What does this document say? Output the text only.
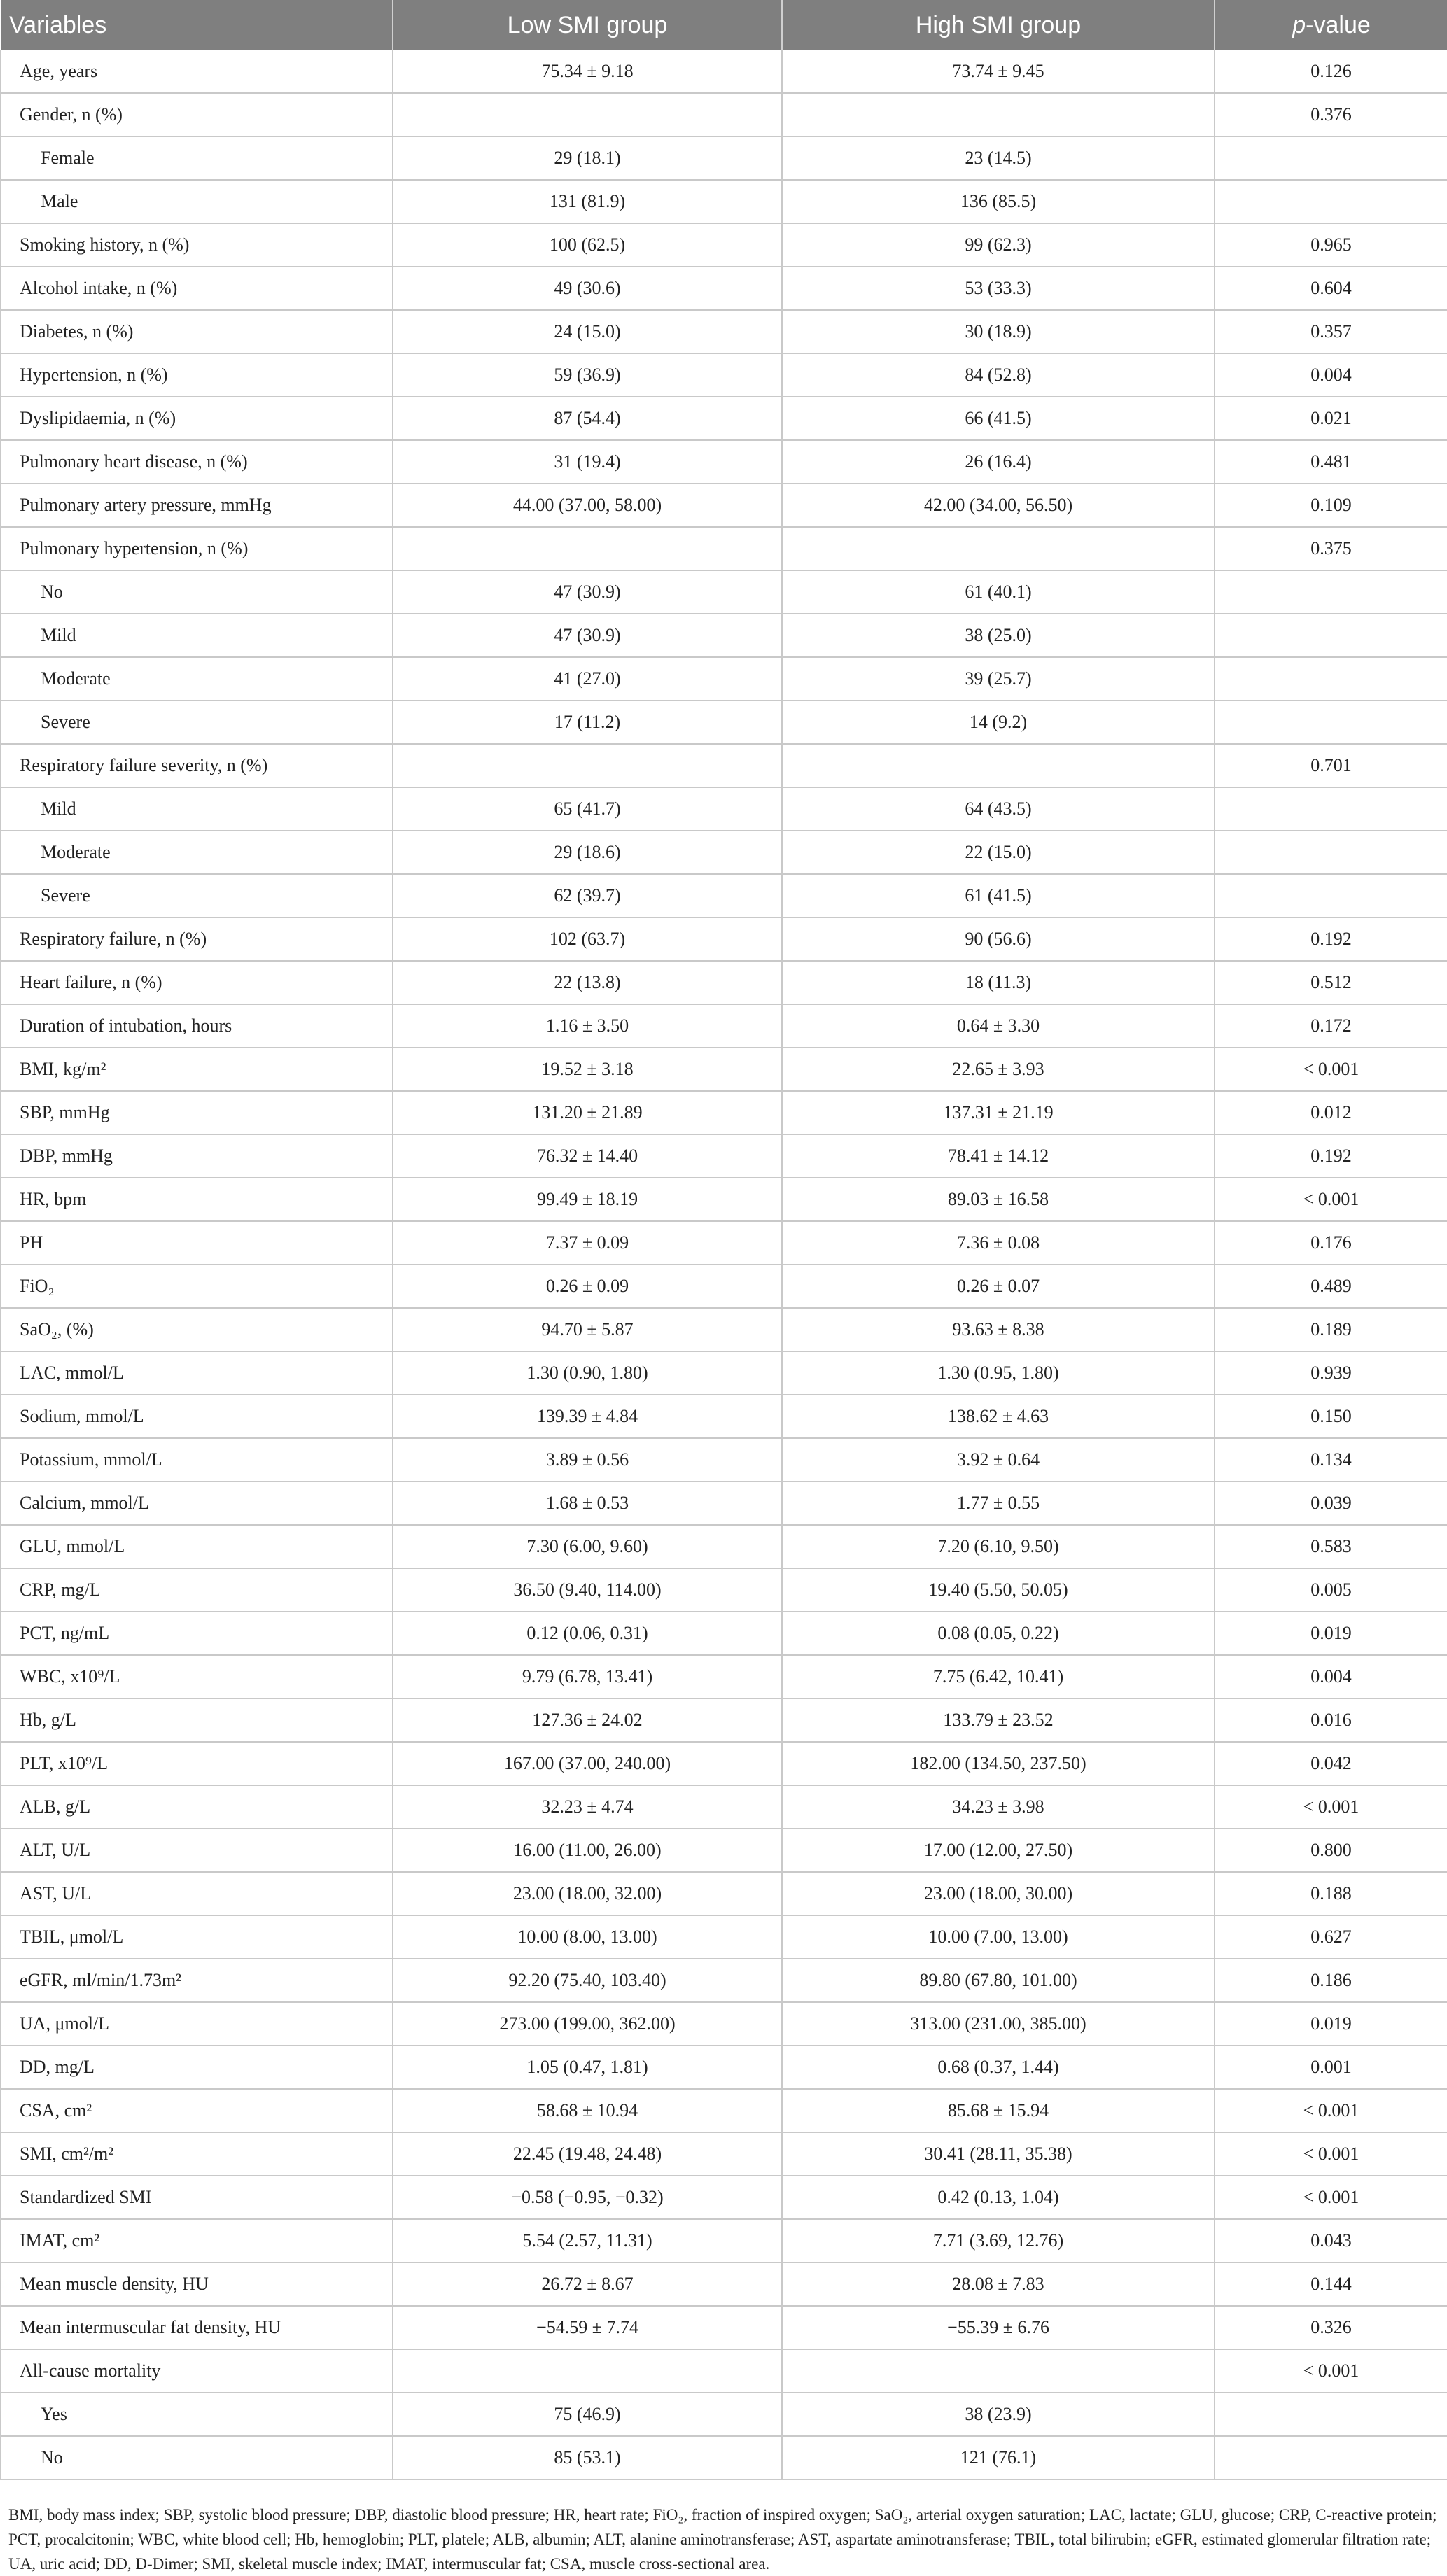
Variables	Low SMI group	High SMI group	p-value
Age, years	75.34 ± 9.18	73.74 ± 9.45	0.126
Gender, n (%)			0.376
Female	29 (18.1)	23 (14.5)	
Male	131 (81.9)	136 (85.5)	
Smoking history, n (%)	100 (62.5)	99 (62.3)	0.965
Alcohol intake, n (%)	49 (30.6)	53 (33.3)	0.604
Diabetes, n (%)	24 (15.0)	30 (18.9)	0.357
Hypertension, n (%)	59 (36.9)	84 (52.8)	0.004
Dyslipidaemia, n (%)	87 (54.4)	66 (41.5)	0.021
Pulmonary heart disease, n (%)	31 (19.4)	26 (16.4)	0.481
Pulmonary artery pressure, mmHg	44.00 (37.00, 58.00)	42.00 (34.00, 56.50)	0.109
Pulmonary hypertension, n (%)			0.375
No	47 (30.9)	61 (40.1)	
Mild	47 (30.9)	38 (25.0)	
Moderate	41 (27.0)	39 (25.7)	
Severe	17 (11.2)	14 (9.2)	
Respiratory failure severity, n (%)			0.701
Mild	65 (41.7)	64 (43.5)	
Moderate	29 (18.6)	22 (15.0)	
Severe	62 (39.7)	61 (41.5)	
Respiratory failure, n (%)	102 (63.7)	90 (56.6)	0.192
Heart failure, n (%)	22 (13.8)	18 (11.3)	0.512
Duration of intubation, hours	1.16 ± 3.50	0.64 ± 3.30	0.172
BMI, kg/m²	19.52 ± 3.18	22.65 ± 3.93	< 0.001
SBP, mmHg	131.20 ± 21.89	137.31 ± 21.19	0.012
DBP, mmHg	76.32 ± 14.40	78.41 ± 14.12	0.192
HR, bpm	99.49 ± 18.19	89.03 ± 16.58	< 0.001
PH	7.37 ± 0.09	7.36 ± 0.08	0.176
FiO₂	0.26 ± 0.09	0.26 ± 0.07	0.489
SaO₂, (%)	94.70 ± 5.87	93.63 ± 8.38	0.189
LAC, mmol/L	1.30 (0.90, 1.80)	1.30 (0.95, 1.80)	0.939
Sodium, mmol/L	139.39 ± 4.84	138.62 ± 4.63	0.150
Potassium, mmol/L	3.89 ± 0.56	3.92 ± 0.64	0.134
Calcium, mmol/L	1.68 ± 0.53	1.77 ± 0.55	0.039
GLU, mmol/L	7.30 (6.00, 9.60)	7.20 (6.10, 9.50)	0.583
CRP, mg/L	36.50 (9.40, 114.00)	19.40 (5.50, 50.05)	0.005
PCT, ng/mL	0.12 (0.06, 0.31)	0.08 (0.05, 0.22)	0.019
WBC, x10⁹/L	9.79 (6.78, 13.41)	7.75 (6.42, 10.41)	0.004
Hb, g/L	127.36 ± 24.02	133.79 ± 23.52	0.016
PLT, x10⁹/L	167.00 (37.00, 240.00)	182.00 (134.50, 237.50)	0.042
ALB, g/L	32.23 ± 4.74	34.23 ± 3.98	< 0.001
ALT, U/L	16.00 (11.00, 26.00)	17.00 (12.00, 27.50)	0.800
AST, U/L	23.00 (18.00, 32.00)	23.00 (18.00, 30.00)	0.188
TBIL, μmol/L	10.00 (8.00, 13.00)	10.00 (7.00, 13.00)	0.627
eGFR, ml/min/1.73m²	92.20 (75.40, 103.40)	89.80 (67.80, 101.00)	0.186
UA, μmol/L	273.00 (199.00, 362.00)	313.00 (231.00, 385.00)	0.019
DD, mg/L	1.05 (0.47, 1.81)	0.68 (0.37, 1.44)	0.001
CSA, cm²	58.68 ± 10.94	85.68 ± 15.94	< 0.001
SMI, cm²/m²	22.45 (19.48, 24.48)	30.41 (28.11, 35.38)	< 0.001
Standardized SMI	−0.58 (−0.95, −0.32)	0.42 (0.13, 1.04)	< 0.001
IMAT, cm²	5.54 (2.57, 11.31)	7.71 (3.69, 12.76)	0.043
Mean muscle density, HU	26.72 ± 8.67	28.08 ± 7.83	0.144
Mean intermuscular fat density, HU	−54.59 ± 7.74	−55.39 ± 6.76	0.326
All-cause mortality			< 0.001
Yes	75 (46.9)	38 (23.9)	
No	85 (53.1)	121 (76.1)	
BMI, body mass index; SBP, systolic blood pressure; DBP, diastolic blood pressure; HR, heart rate; FiO₂, fraction of inspired oxygen; SaO₂, arterial oxygen saturation; LAC, lactate; GLU, glucose; CRP, C-reactive protein; PCT, procalcitonin; WBC, white blood cell; Hb, hemoglobin; PLT, platele; ALB, albumin; ALT, alanine aminotransferase; AST, aspartate aminotransferase; TBIL, total bilirubin; eGFR, estimated glomerular filtration rate; UA, uric acid; DD, D-Dimer; SMI, skeletal muscle index; IMAT, intermuscular fat; CSA, muscle cross-sectional area.
